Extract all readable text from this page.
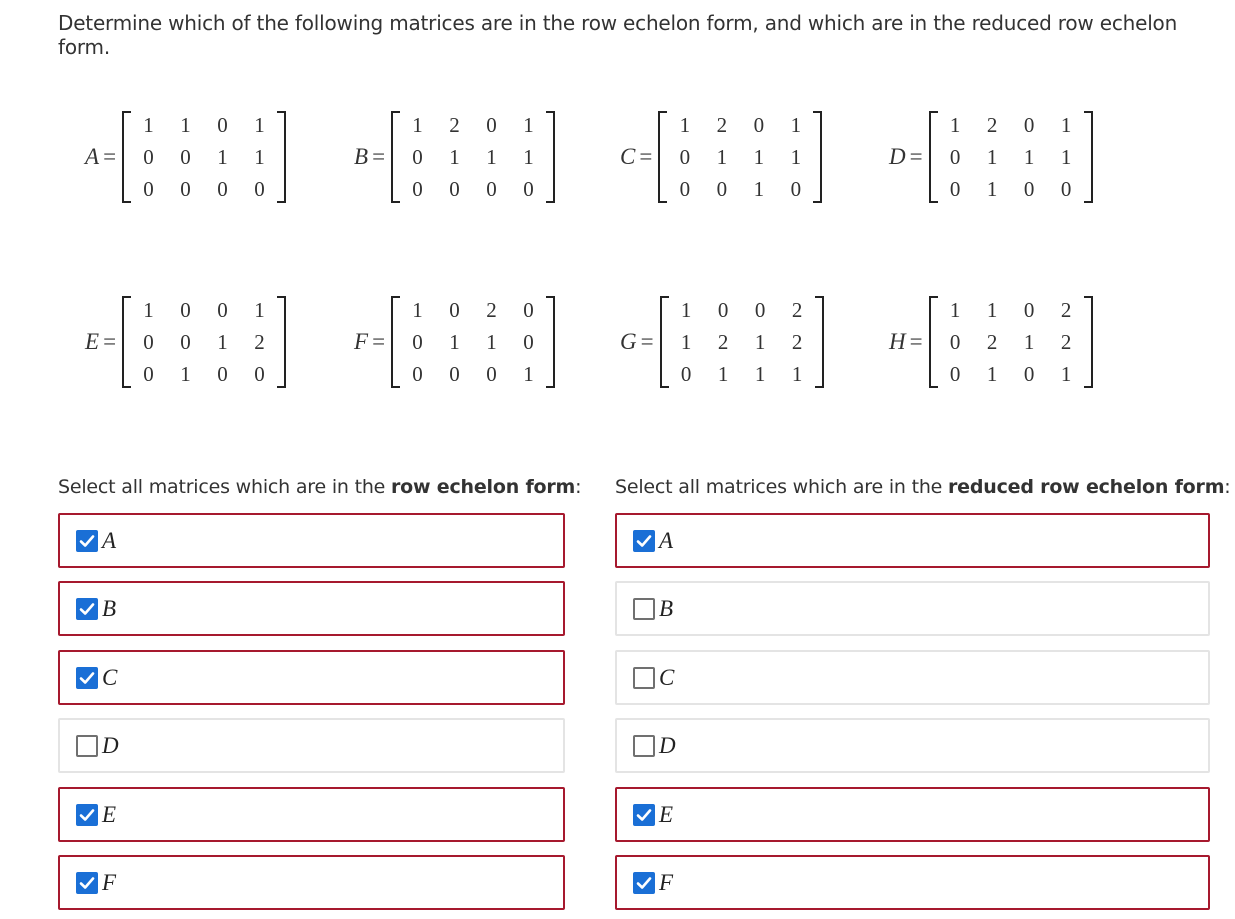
Determine which of the following matrices are in the row echelon form, and which are in the reduced row echelon form.
A =
1	1	0	1
0	0	1	1
0	0	0	0
B =
1	2	0	1
0	1	1	1
0	0	0	0
C =
1	2	0	1
0	1	1	1
0	0	1	0
D =
1	2	0	1
0	1	1	1
0	1	0	0
E =
1	0	0	1
0	0	1	2
0	1	0	0
F =
1	0	2	0
0	1	1	0
0	0	0	1
G =
1	0	0	2
1	2	1	2
0	1	1	1
H =
1	1	0	2
0	2	1	2
0	1	0	1
Select all matrices which are in the row echelon form: Select all matrices which are in the reduced row echelon form:
A
B
C
D
E
F
A
B
C
D
E
F
